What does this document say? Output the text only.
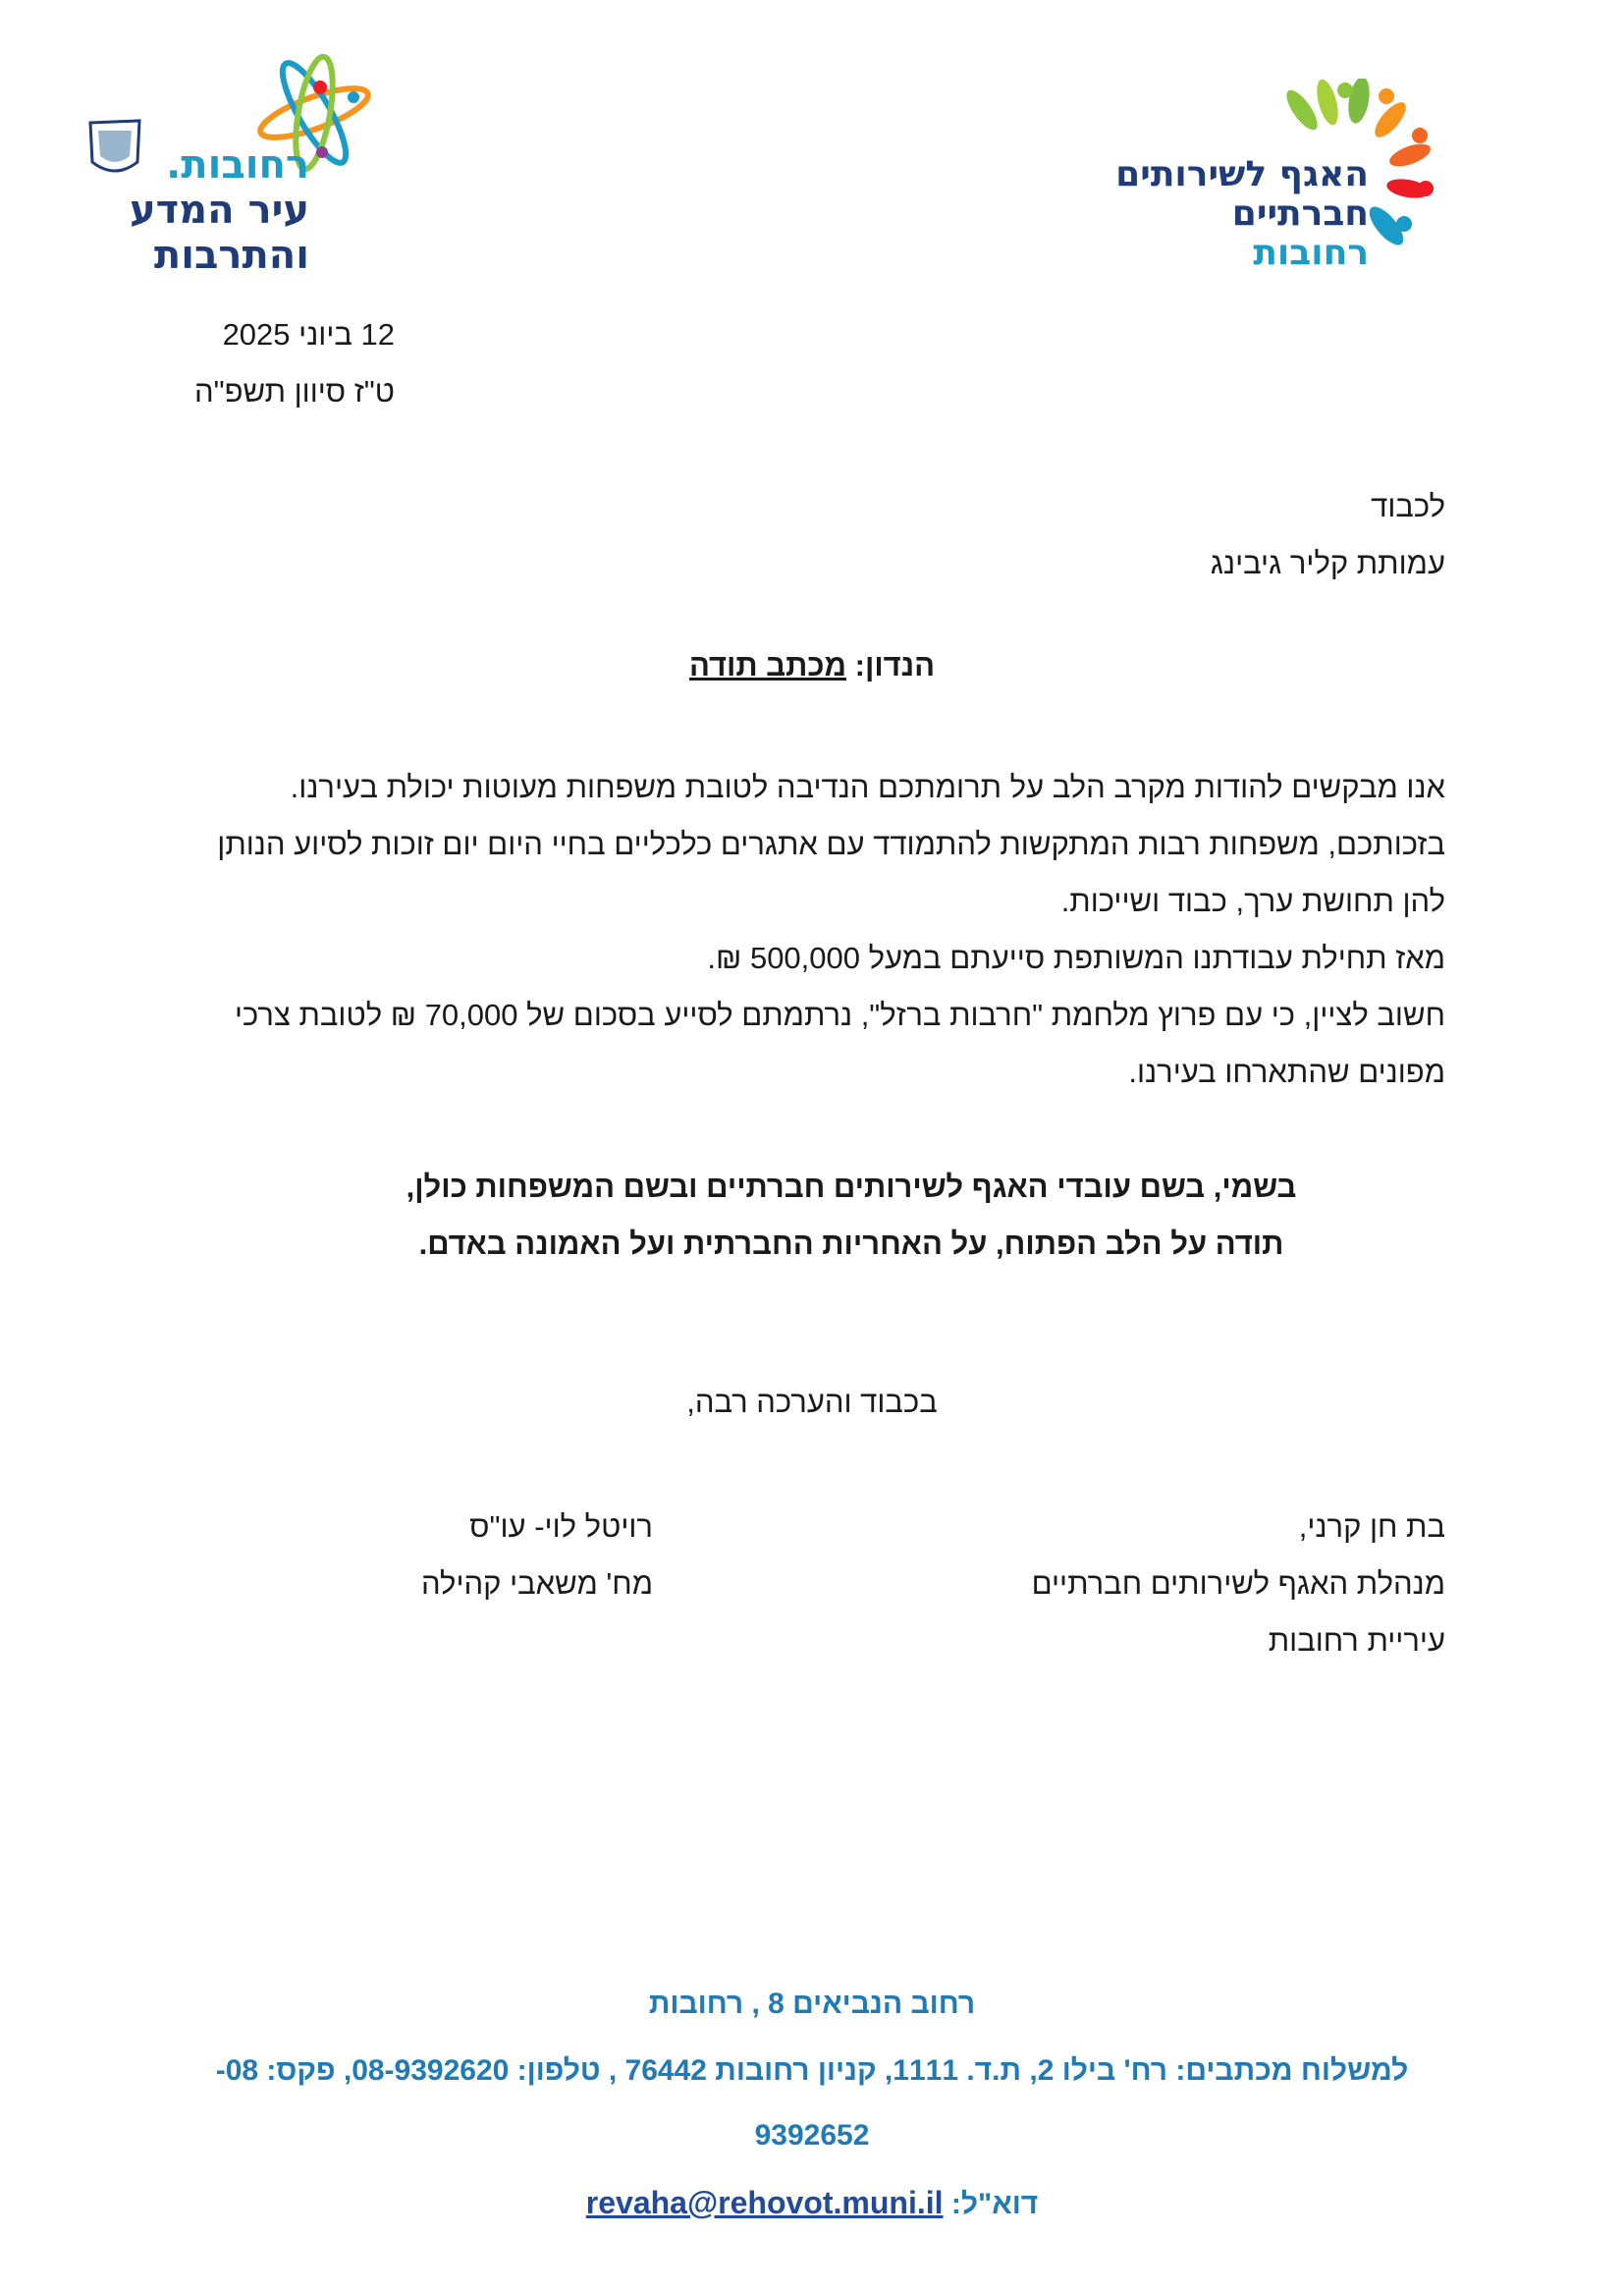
האגף לשירותים
חברתיים
רחובות
רחובות.
עיר המדע
והתרבות
12 ביוני 2025
ט"ז סיוון תשפ"ה
לכבוד
עמותת קליר גיבינג
הנדון: מכתב תודה
אנו מבקשים להודות מקרב הלב על תרומתכם הנדיבה לטובת משפחות מעוטות יכולת בעירנו.
בזכותכם, משפחות רבות המתקשות להתמודד עם אתגרים כלכליים בחיי היום יום זוכות לסיוע הנותן
להן תחושת ערך, כבוד ושייכות.
מאז תחילת עבודתנו המשותפת סייעתם במעל 500,000 ₪.
חשוב לציין, כי עם פרוץ מלחמת "חרבות ברזל", נרתמתם לסייע בסכום של 70,000 ₪ לטובת צרכי
מפונים שהתארחו בעירנו.
בשמי, בשם עובדי האגף לשירותים חברתיים ובשם המשפחות כולן,
תודה על הלב הפתוח, על האחריות החברתית ועל האמונה באדם.
בכבוד והערכה רבה,
בת חן קרני,
מנהלת האגף לשירותים חברתיים
עיריית רחובות
רויטל לוי- עו"ס
מח' משאבי קהילה
רחוב הנביאים 8 , רחובות
למשלוח מכתבים: רח' בילו 2, ת.ד. 1111, קניון רחובות 76442 , טלפון: 08-9392620, פקס: 08-
9392652
דוא"ל: revaha@rehovot.muni.il
